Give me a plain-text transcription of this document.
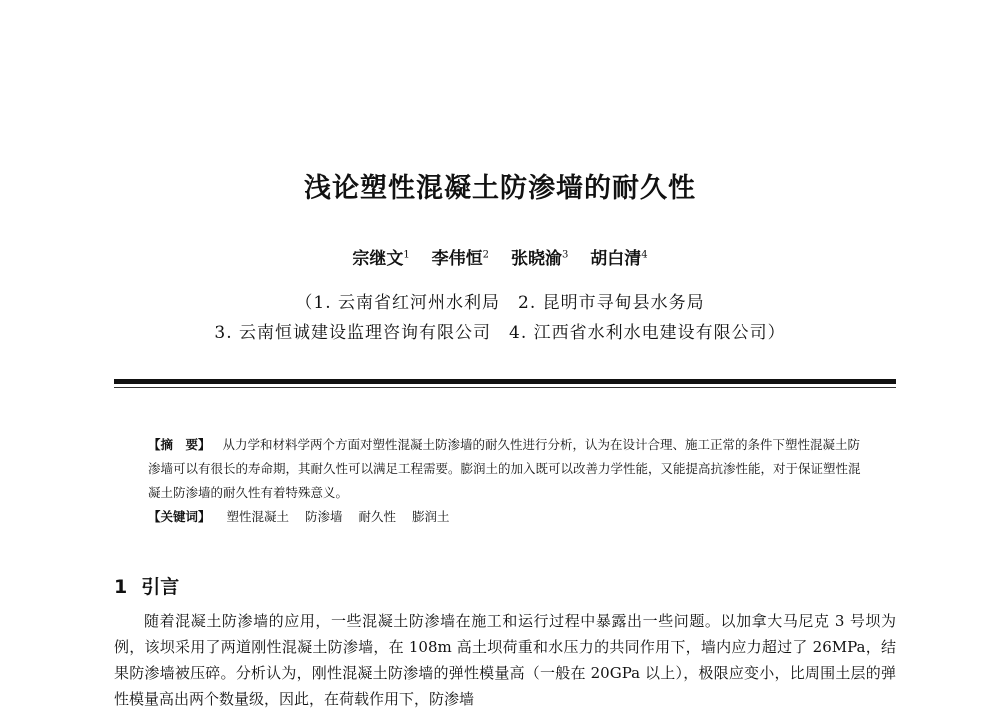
浅论塑性混凝土防渗墙的耐久性
宗继文$^1$ 李伟恒$^2$ 张晓渝$^3$ 胡白清$^4$
（1. 云南省红河州水利局　2. 昆明市寻甸县水务局
3. 云南恒诚建设监理咨询有限公司　4. 江西省水利水电建设有限公司）
【摘　要】 从力学和材料学两个方面对塑性混凝土防渗墙的耐久性进行分析，认为在设计合理、施工正常的条件下塑性混凝土防渗墙可以有很长的寿命期，其耐久性可以满足工程需要。膨润土的加入既可以改善力学性能，又能提高抗渗性能，对于保证塑性混凝土防渗墙的耐久性有着特殊意义。
【关键词】 塑性混凝土 防渗墙 耐久性 膨润土
1 引言

随着混凝土防渗墙的应用，一些混凝土防渗墙在施工和运行过程中暴露出一些问题。以加拿大马尼克 3 号坝为例，该坝采用了两道刚性混凝土防渗墙，在 108m 高土坝荷重和水压力的共同作用下，墙内应力超过了 26MPa，结果防渗墙被压碎。分析认为，刚性混凝土防渗墙的弹性模量高（一般在 20GPa 以上），极限应变小，比周围土层的弹性模量高出两个数量级，因此，在荷载作用下，防渗墙
